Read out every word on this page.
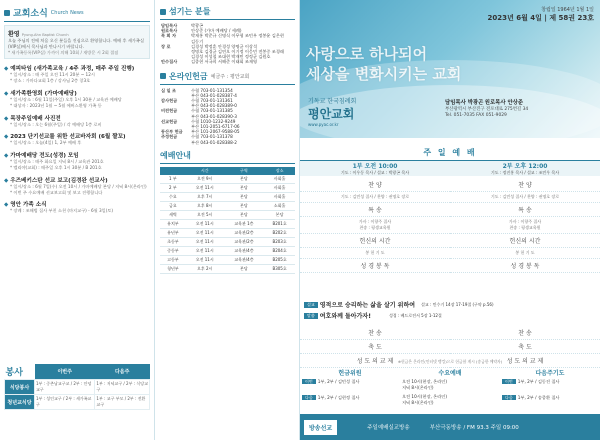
교회소식 Church News
환영 Pyung-Ahn Baptist Church
오늘 주님의 전에 처음 오신 분들을 진심으로 환영합니다. 예배 후 새가족실(VIP실)에서 목사님과 만나시기 바랍니다.
* 새가족등록(VIP실) 가까이 의해 10회 / 재방문 시 2회 접점
◆ 예피타임 (새가족교육 / 4주 과정, 매주 주일 진행)
* 일시/장소 : 매 주일 오전 11시 20분 ~ 12시
* 장소 : 가마다교회 1층 / 강사님 2층 창3호
◆ 새가족환영회 (가마예배당)
* 일시/장소 : 6월 11일(주일) 오후 1시 30분 / 교육관 예배당
* 대상자 : 2023년 1월 ~ 5월 에버스환영 가족 등
◆ 목장주일예배 사진전
* 일시/장소 : 오는 6월(주일) / 각 예배당 1층 로비
◆ 2023 단기선교를 위한 선교바자회 (6월 짤꼬)
* 일시/장소 : 오늘(4일) 1, 2부 예배 후
◆ 가마예배당 전도(성경) 모임
* 일시/장소 : 매주 화요일 저녁 8시 / 교육관 201호
* 엘리야(교회) : 매주일 오후 1시 30분 / B 201호
◆ 우즈베키스탄 선교 보고(김경완 선교사)
* 일시/장소 : 6월 7일(수) 오전 10시 / 가마예배당 본당 / 저녁 8시(온라인)
* 이번 주 수요예배 선교보고회 및 보고 진행합니다
◆ 영안 가족 소식
* 장례 : 조해범 집사 부친 소천 (마지교구) - 6월 3일(토)
봉사	이번주	다음주
식당봉사	1부 : 중촌남교구교 / 2부 : 안녕교구	1부 : 저녁교구 / 2부 : 식당교구
청년교식당	1부 : 성인교구 / 2부 : 새가족교구	1부 : 교구 부모 / 2부 : 전환교구
섬기는 분들
담임목사	박광곤
원로목사	안상준 (가마 예배당 / 세례)
목 회 자	박재홍 박준규 신명식 이무형 조민우 정봉윤 김은현
	김동기
장 로	김경성 박정훈 안경성 양명균 이상석
	정명호 김경균 김연오 이기정 이응민 전봉중 조경래
	김경성 이성철 조대현 박재민 정정균 김원호
안수집사	김종현 서국희 서해준 이태회 조재영
온라인헌금 예금주 : 평안교회
십 일 조	수협 703-01-131354
	부산 043-01-028387-4
감사헌금	수협 703-01-131361
	부산 043-01-028389-0
비전헌금	수협 703-01-131385
	부산 043-01-028390-3
선교헌금	수협 1010-1232-9249
	부산 101-2051-6717-06
동산부 헌금	부산 101-2067-9588-05
주정헌금	수협 703-01-131378
	부산 043-01-028388-2
예배안내
	시간	구역	장소
1 부	오전 9시	본당	사회홀
2 부	오전 11시	본당	사회홀
수요	오후 7시	본당	사회홀
금요	오후 8시	본당	소회홀
새벽	오전 5시	본당	본당
유치부	오전 11시	교육관 1층	B201호
유년부	오전 11시	교육관/2층	B202호
초등부	오전 11시	교육관/2층	B203호
중등부	오전 11시	교육관/4층	B204호
고등부	오전 11시	교육관/4층	B205호
청년부	오후 2시	본당	B305호
창립일 1964년 1월 1일
2023년 6월 4일 | 제 58권 23호
사랑으로 하나되어
세상을 변화시키는 교회
기독교 한국침례회
평안교회
www.pyac.or.kr
담임목사 박광곤 원로목사 안상준
부산광역시 부산진구 전포대로 275번길 34
Tel. 051-7035 FAX 051-9029
주 일 예 배
1부 오전 10:00
기도 : 이우동 목사 / 설교 : 박광곤 목사
2부 오후 12:00
기도 : 정진홍 목사 / 설교 : 조민우 목사
찬 양
기도 : 김민성 집사 / 찬양 : 권명호 장로
특 송
가사 : 이향주 집사
찬송 : 평생교육원
헌신의 시간
봉 헌 기 도
성 경 봉 독
찬 양
기도 : 김민성 집사 / 찬양 : 권명호 장로
특 송
가사 : 이향주 집사
찬송 : 평생교육원
헌신의 시간
봉 헌 기 도
성 경 봉 독
설교 영적으로 승리하는 삶을 살기 위하여 설교 : 민수기 14장 17-19절 (구약 p.56)
말씀 여호와께 돌아가자!	성경 : 베드로전서 5장 1-12절
찬 송
축 도
성 도 의 교 제
찬 송
축 도
성 도 의 교 제
※헌금은 온라인(인터넷 뱅킹)으로 헌금함 게시 (송금한 예약자)
헌금위원
이번 1부, 2부 / 김민성 집사
다음 1부, 2부 / 김현정 집사
수요예배
오전 10시(현장, 온라인)
저녁 8시(온라인)
오전 10시(현장, 온라인)
저녁 8시(온라인)
다음주기도
이번 1부, 2부 / 김동진 집사
다음 1부, 2부 / 송종환 집사
방송선교	주일예배실교방송	부산극동방송 / FM 93.3 주일 09:00
